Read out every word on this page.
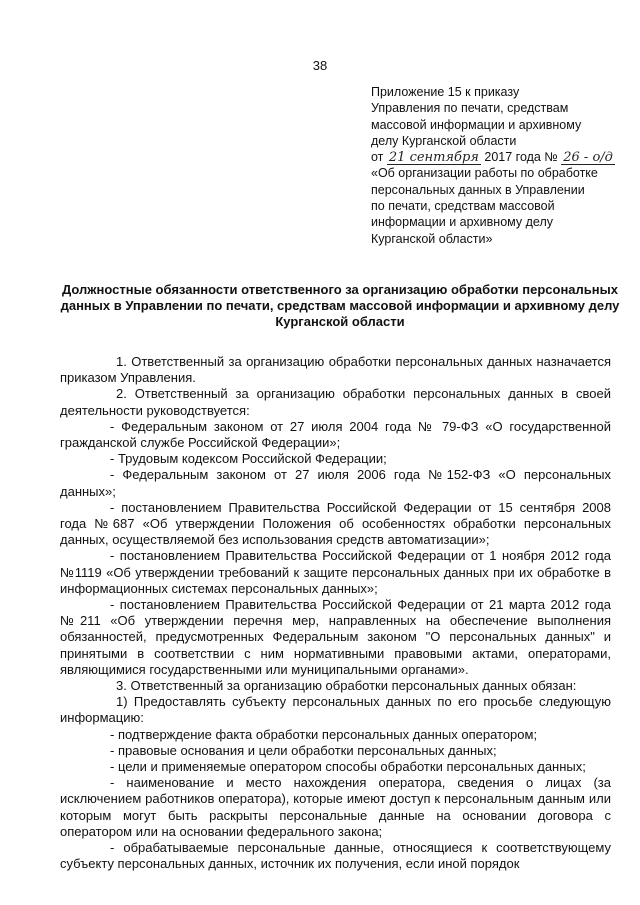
38
Приложение 15 к приказу
Управления по печати, средствам
массовой информации и архивному
делу Курганской области
от 21 сентября 2017 года № 26 - о/д
«Об организации работы по обработке
персональных данных в Управлении
по печати, средствам массовой
информации и архивному делу
Курганской области»
Должностные обязанности ответственного за организацию обработки персональных данных в Управлении по печати, средствам массовой информации и архивному делу Курганской области

1. Ответственный за организацию обработки персональных данных назначается приказом Управления.

2. Ответственный за организацию обработки персональных данных в своей деятельности руководствуется:

- Федеральным законом от 27 июля 2004 года № 79-ФЗ «О государственной гражданской службе Российской Федерации»;

- Трудовым кодексом Российской Федерации;

- Федеральным законом от 27 июля 2006 года №152-ФЗ «О персональных данных»;

- постановлением Правительства Российской Федерации от 15 сентября 2008 года №687 «Об утверждении Положения об особенностях обработки персональных данных, осуществляемой без использования средств автоматизации»;

- постановлением Правительства Российской Федерации от 1 ноября 2012 года №1119 «Об утверждении требований к защите персональных данных при их обработке в информационных системах персональных данных»;

- постановлением Правительства Российской Федерации от 21 марта 2012 года №211 «Об утверждении перечня мер, направленных на обеспечение выполнения обязанностей, предусмотренных Федеральным законом "О персональных данных" и принятыми в соответствии с ним нормативными правовыми актами, операторами, являющимися государственными или муниципальными органами».

3. Ответственный за организацию обработки персональных данных обязан:

1) Предоставлять субъекту персональных данных по его просьбе следующую информацию:

- подтверждение факта обработки персональных данных оператором;

- правовые основания и цели обработки персональных данных;

- цели и применяемые оператором способы обработки персональных данных;

- наименование и место нахождения оператора, сведения о лицах (за исключением работников оператора), которые имеют доступ к персональным данным или которым могут быть раскрыты персональные данные на основании договора с оператором или на основании федерального закона;

- обрабатываемые персональные данные, относящиеся к соответствующему субъекту персональных данных, источник их получения, если иной порядок
